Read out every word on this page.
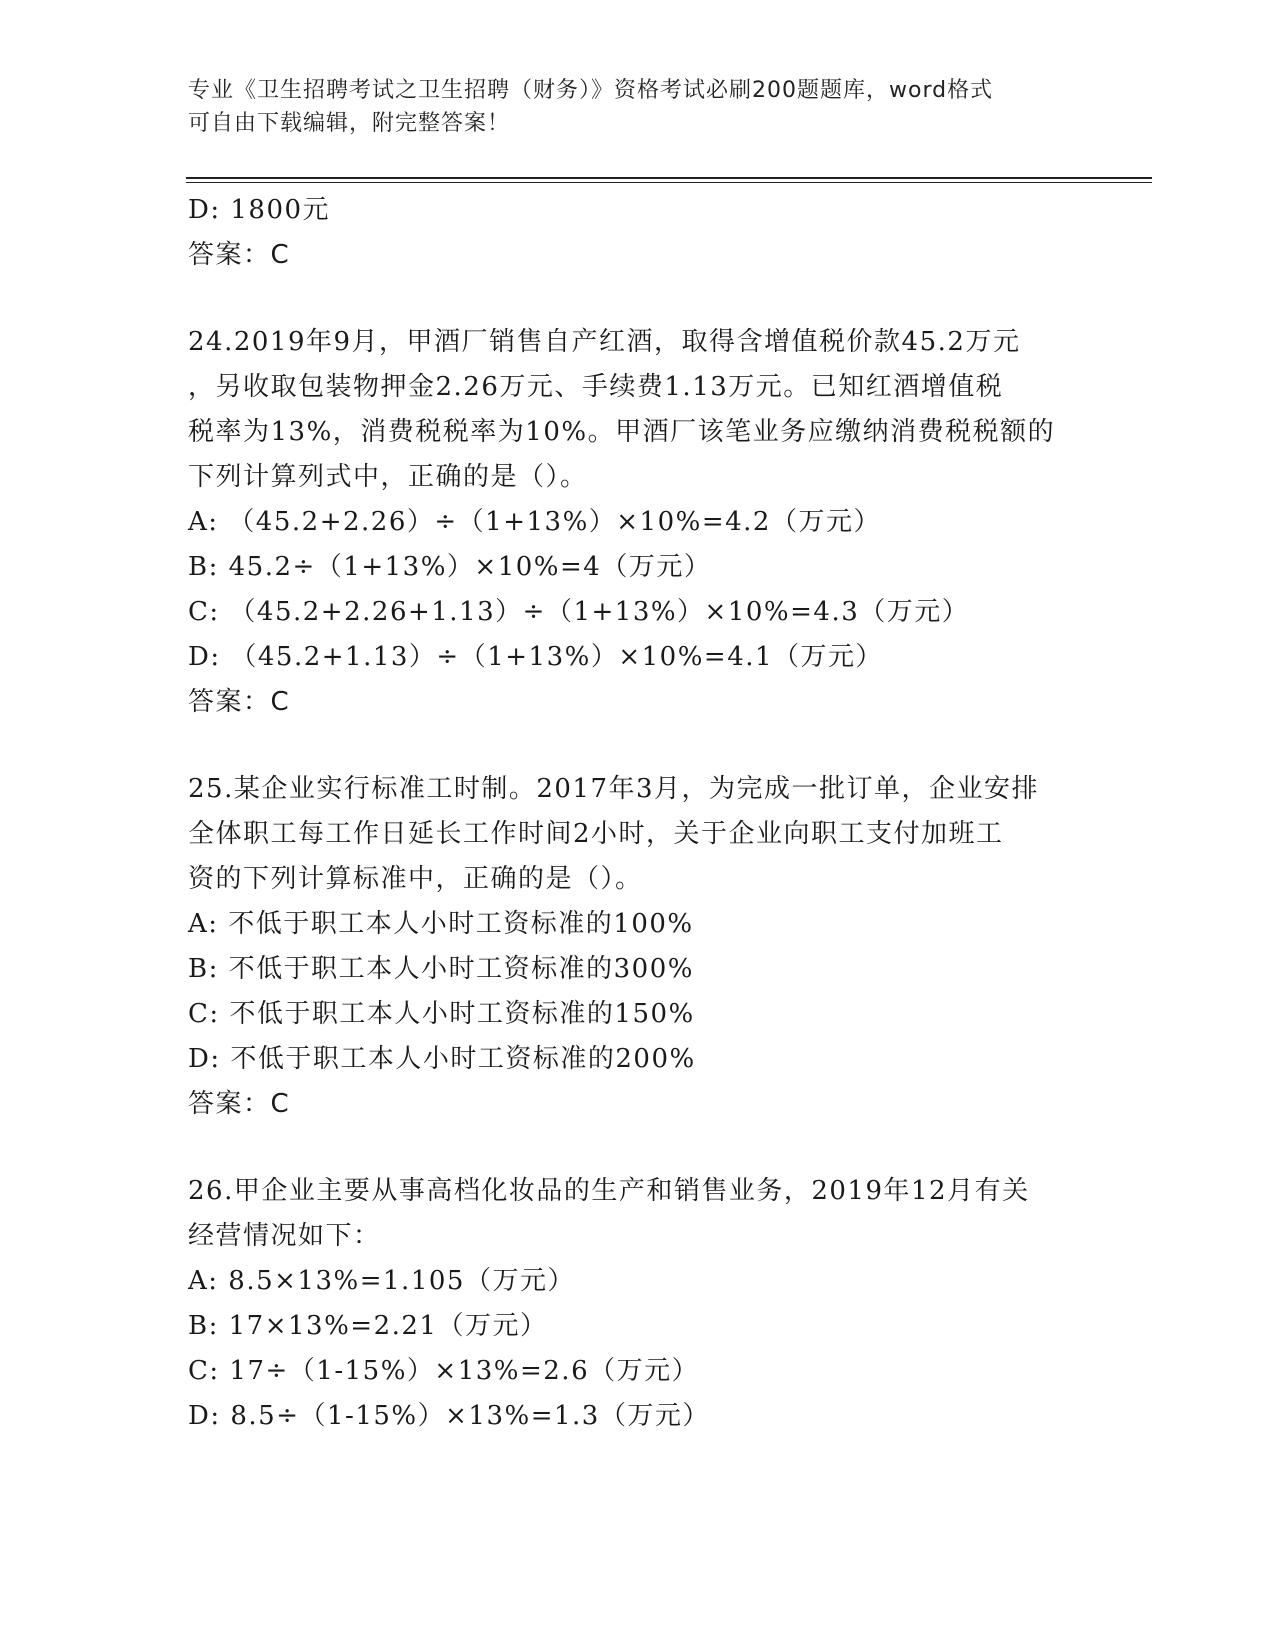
专业《卫生招聘考试之卫生招聘（财务）》资格考试必刷200题题库，word格式
可自由下载编辑，附完整答案！
D: 1800元
答案：C
24.2019年9月，甲酒厂销售自产红酒，取得含增值税价款45.2万元
，另收取包装物押金2.26万元、手续费1.13万元。已知红酒增值税
税率为13%，消费税税率为10%。甲酒厂该笔业务应缴纳消费税税额的
下列计算列式中，正确的是（）。
A: （45.2+2.26）÷（1+13%）×10%=4.2（万元）
B: 45.2÷（1+13%）×10%=4（万元）
C: （45.2+2.26+1.13）÷（1+13%）×10%=4.3（万元）
D: （45.2+1.13）÷（1+13%）×10%=4.1（万元）
答案：C
25.某企业实行标准工时制。2017年3月，为完成一批订单，企业安排
全体职工每工作日延长工作时间2小时，关于企业向职工支付加班工
资的下列计算标准中，正确的是（）。
A: 不低于职工本人小时工资标准的100%
B: 不低于职工本人小时工资标准的300%
C: 不低于职工本人小时工资标准的150%
D: 不低于职工本人小时工资标准的200%
答案：C
26.甲企业主要从事高档化妆品的生产和销售业务，2019年12月有关
经营情况如下：
A: 8.5×13%=1.105（万元）
B: 17×13%=2.21（万元）
C: 17÷（1-15%）×13%=2.6（万元）
D: 8.5÷（1-15%）×13%=1.3（万元）
